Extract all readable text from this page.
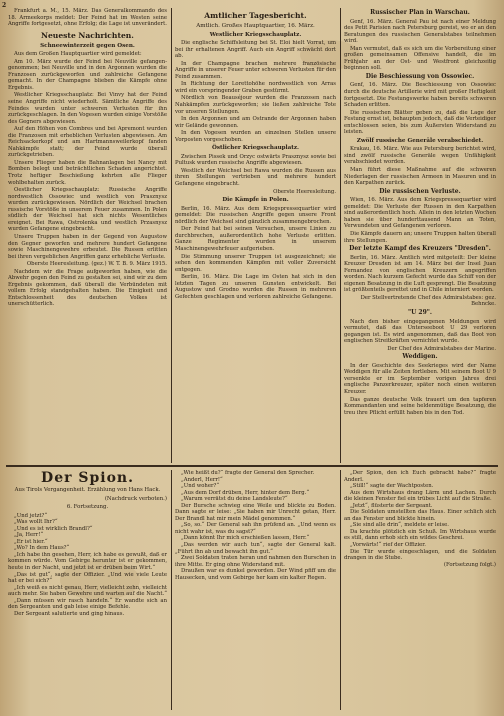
2

Frankfurt a. M., 15. März. Das Generalkommando des 18. Armeekorps meldet: Der Feind hat im Westen seine Angriffe fortgesetzt, ohne Erfolg; die Lage ist unverändert.

Neueste Nachrichten.

Schneewinterzeit gegen Osen.

Aus dem Großen Hauptquartier wird gemeldet:

Am 10. März wurde der Feind bei Neuville gefangen-genommen; bei Neuville und in den Argonnen wurden die Franzosen zurückgeworfen und zahlreiche Gefangene gemacht. In der Champagne blieben die Kämpfe ohne Ergebnis.

Westlicher Kriegsschauplatz: Bei Vinvy hat der Feind seine Angriffe nicht wiederholt. Sämtliche Angriffe des Feindes wurden unter schweren Verlusten für ihn zurückgeschlagen. In den Vogesen wurden einige Vorstöße des Gegners abgewiesen.

Auf den Höhen von Combres und bei Apremont wurden die Franzosen mit erheblichen Verlusten abgewiesen. Am Reichsackerkopf und am Hartmannsweilerkopf fanden Nahkämpfe statt; der Feind wurde überall zurückgetrieben.

Unsere Flieger haben die Bahnanlagen bei Nancy mit Bomben belegt und beträchtlichen Schaden angerichtet. Trotz heftiger Beschießung kehrten alle Flieger wohlbehalten zurück.

Oestlicher Kriegsschauplatz: Russische Angriffe nordwestlich Ossowiec und westlich von Prasznysz wurden zurückgewiesen. Nördlich der Weichsel brachen russische Vorstöße in unserem Feuer zusammen. In Polen südlich der Weichsel hat sich nichts Wesentliches ereignet. Bei Rawa, Ostrolenka und westlich Przasnysz wurden Gefangene eingebracht.

Unsere Truppen haben in der Gegend von Augustow den Gegner geworfen und mehrere hundert Gefangene sowie Maschinengewehre erbeutet. Die Russen erlitten bei ihren vergeblichen Angriffen ganz erhebliche Verluste.

Oberste Heeresleitung. (gez.) W. T. B. 9. März 1915.

Nachdem wir die Frage aufgeworfen haben, wie die Abwehr gegen den Feind zu gestalten sei, sind wir zu dem Ergebnis gekommen, daß überall die Verbündeten mit vollem Erfolg standgehalten haben. Die Einigkeit und Entschlossenheit des deutschen Volkes ist unerschütterlich.

Amtlicher Tagesbericht.

Amtlich. Großes Hauptquartier, 16. März.

Westlicher Kriegsschauplatz.

Die englische Schiffsleitung bei St. Eloi hielt Vorrat, um bei ihr erhaltenen Angriff. Auch ein Angriff schwächt dort ab.

In der Champagne brachen mehrere französische Angriffe in unserer Feuer unter schweren Verlusten für den Feind zusammen.

In Richtung der Lorettohöhe nordwestlich von Arras wird ein vorspringender Graben gestürmt.

Nördlich von Beauséjour wurden die Franzosen nach Nahkämpfen zurückgeworfen; sie ließen zahlreiche Tote vor unseren Stellungen.

In den Argonnen und am Ostrande der Argonnen haben wir Gelände gewonnen.

In den Vogesen wurden an einzelnen Stellen unsere Vorposten vorgeschoben.

Östlicher Kriegsschauplatz.

Zwischen Pissek und Orzyc ostwärts Prasznysz sowie bei Pultusk wurden russische Angriffe abgewiesen.

Westlich der Weichsel bei Rawa wurden die Russen aus ihren Stellungen vertrieben und mehrere hundert Gefangene eingebracht.

Oberste Heeresleitung.

Die Kämpfe in Polen.

Berlin, 16. März. Aus dem Kriegspressequartier wird gemeldet: Die russischen Angriffe gegen unsere Front nördlich der Weichsel sind gänzlich zusammengebrochen.

Der Feind hat bei seinen Versuchen, unsere Linien zu durchbrechen, außerordentlich hohe Verluste erlitten. Ganze Regimenter wurden in unserem Maschinengewehrfeuer aufgerieben.

Die Stimmung unserer Truppen ist ausgezeichnet; sie sehen den kommenden Kämpfen mit voller Zuversicht entgegen.

Berlin, 16. März. Die Lage im Osten hat sich in den letzten Tagen zu unseren Gunsten entwickelt. Bei Augustow und Grodno wurden die Russen in mehreren Gefechten geschlagen und verloren zahlreiche Gefangene.

Russischer Plan in Warschau.

Genf, 16. März. General Pau ist nach einer Meldung des Petit Parisien nach Petersburg gereist, wo er an den Beratungen des russischen Generalstabes teilnehmen wird.

Man vermutet, daß es sich um die Vorbereitung einer großen gemeinsamen Offensive handelt, die im Frühjahr an der Ost- und Westfront gleichzeitig beginnen soll.

Die Beschiessung von Ossowiec.

Genf, 16. März. Die Beschiessung von Ossowiec durch die deutsche Artillerie wird mit großer Heftigkeit fortgesetzt. Die Festungswerke haben bereits schweren Schaden erlitten.

Die russischen Blätter geben zu, daß die Lage der Festung ernst ist, behaupten jedoch, daß die Verteidiger entschlossen seien, bis zum Äußersten Widerstand zu leisten.

Zwölf russische Generäle verabschiedet.

Krakau, 16. März. Wie aus Petersburg berichtet wird, sind zwölf russische Generäle wegen Unfähigkeit verabschiedet worden.

Man führt diese Maßnahme auf die schweren Niederlagen der russischen Armeen in Masuren und in den Karpathen zurück.

Die russischen Verluste.

Wien, 16. März. Aus dem Kriegspressequartier wird gemeldet: Die Verluste der Russen in den Karpathen sind außerordentlich hoch. Allein in den letzten Wochen haben sie über hunderttausend Mann an Toten, Verwundeten und Gefangenen verloren.

Die Kämpfe dauern an; unsere Truppen halten überall ihre Stellungen.

Der letzte Kampf des Kreuzers "Dresden".

Berlin, 16. März. Amtlich wird mitgeteilt: Der kleine Kreuzer Dresden ist am 14. März bei der Insel Juan Fernandez von englischen Kreuzern angegriffen worden. Nach kurzem Gefecht wurde das Schiff von der eigenen Besatzung in die Luft gesprengt. Die Besatzung ist größtenteils gerettet und in Chile interniert worden.

Der Stellvertretende Chef des Admiralstabes: gez. Behncke.

"U 29".

Nach den bisher eingegangenen Meldungen wird vermutet, daß das Unterseeboot U 29 verloren gegangen ist. Es wird angenommen, daß das Boot von englischen Streitkräften vernichtet wurde.

Der Chef des Admiralstabes der Marine.

Weddigen.

In der Geschichte des Seekrieges wird der Name Weddigen für alle Zeiten fortleben. Mit seinem Boot U 9 versenkte er im September vorigen Jahres drei englische Panzerkreuzer, später noch einen weiteren Kreuzer.

Das ganze deutsche Volk trauert um den tapferen Kommandanten und seine heldenmütige Besatzung, die treu ihre Pflicht erfüllt haben bis in den Tod.

Der Spion.
Aus Tirols Vergangenheit. Erzählung von Hans Hack.
(Nachdruck verboten.)
6. Fortsetzung.

„Und jetzt?“

„Was wollt Ihr?“

„Und es ist wirklich Brandl?“

„Ja, Herr!“

„Er ist hier.“

„Wo? In dem Haus?“

„Ich habe ihn gesehen, Herr, ich habe es gewußt, daß er kommen würde. Vom Gebirge herunter ist er gekommen, heute in der Nacht, und jetzt ist er drüben beim Wirt.“

„Das ist gut“, sagte der Offizier. „Und wie viele Leute hat er bei sich?“

„Ich weiß es nicht genau, Herr, vielleicht zehn, vielleicht auch mehr. Sie haben Gewehre und warten auf die Nacht.“

„Dann müssen wir rasch handeln.“ Er wandte sich an den Sergeanten und gab leise einige Befehle.

Der Sergeant salutierte und ging hinaus.

„Wie heißt du?“ fragte der General den Sprecher.

„Anderl, Herr!“

„Und woher?“

„Aus dem Dorf drüben, Herr, hinter dem Berg.“

„Warum verrätst du deine Landsleute?“

Der Bursche schwieg eine Weile und blickte zu Boden. Dann sagte er leise: „Sie haben mir Unrecht getan, Herr. Der Brandl hat mir mein Mädel genommen.“

„So, so.“ Der General sah ihn prüfend an. „Und wenn es nicht wahr ist, was du sagst?“

„Dann könnt Ihr mich erschießen lassen, Herr.“

„Das werden wir auch tun“, sagte der General kalt. „Führt ihn ab und bewacht ihn gut.“

Zwei Soldaten traten heran und nahmen den Burschen in ihre Mitte. Er ging ohne Widerstand mit.

Draußen war es dunkel geworden. Der Wind pfiff um die Hausecken, und vom Gebirge her kam ein kalter Regen.

„Der Spion, den ich Euch gebracht habe?“ fragte Anderl.

„Still!“ sagte der Wachtposten.

Aus dem Wirtshaus drang Lärm und Lachen. Durch die kleinen Fenster fiel ein trübes Licht auf die Straße.

„Jetzt“, flüsterte der Sergeant.

Die Soldaten umstellten das Haus. Einer schlich sich an das Fenster und blickte hinein.

„Sie sind alle drin“, meldete er leise.

Da krachte plötzlich ein Schuß. Im Wirtshaus wurde es still, dann erhob sich ein wildes Geschrei.

„Vorwärts!“ rief der Offizier.

Die Tür wurde eingeschlagen, und die Soldaten drangen in die Stube.

(Fortsetzung folgt.)
